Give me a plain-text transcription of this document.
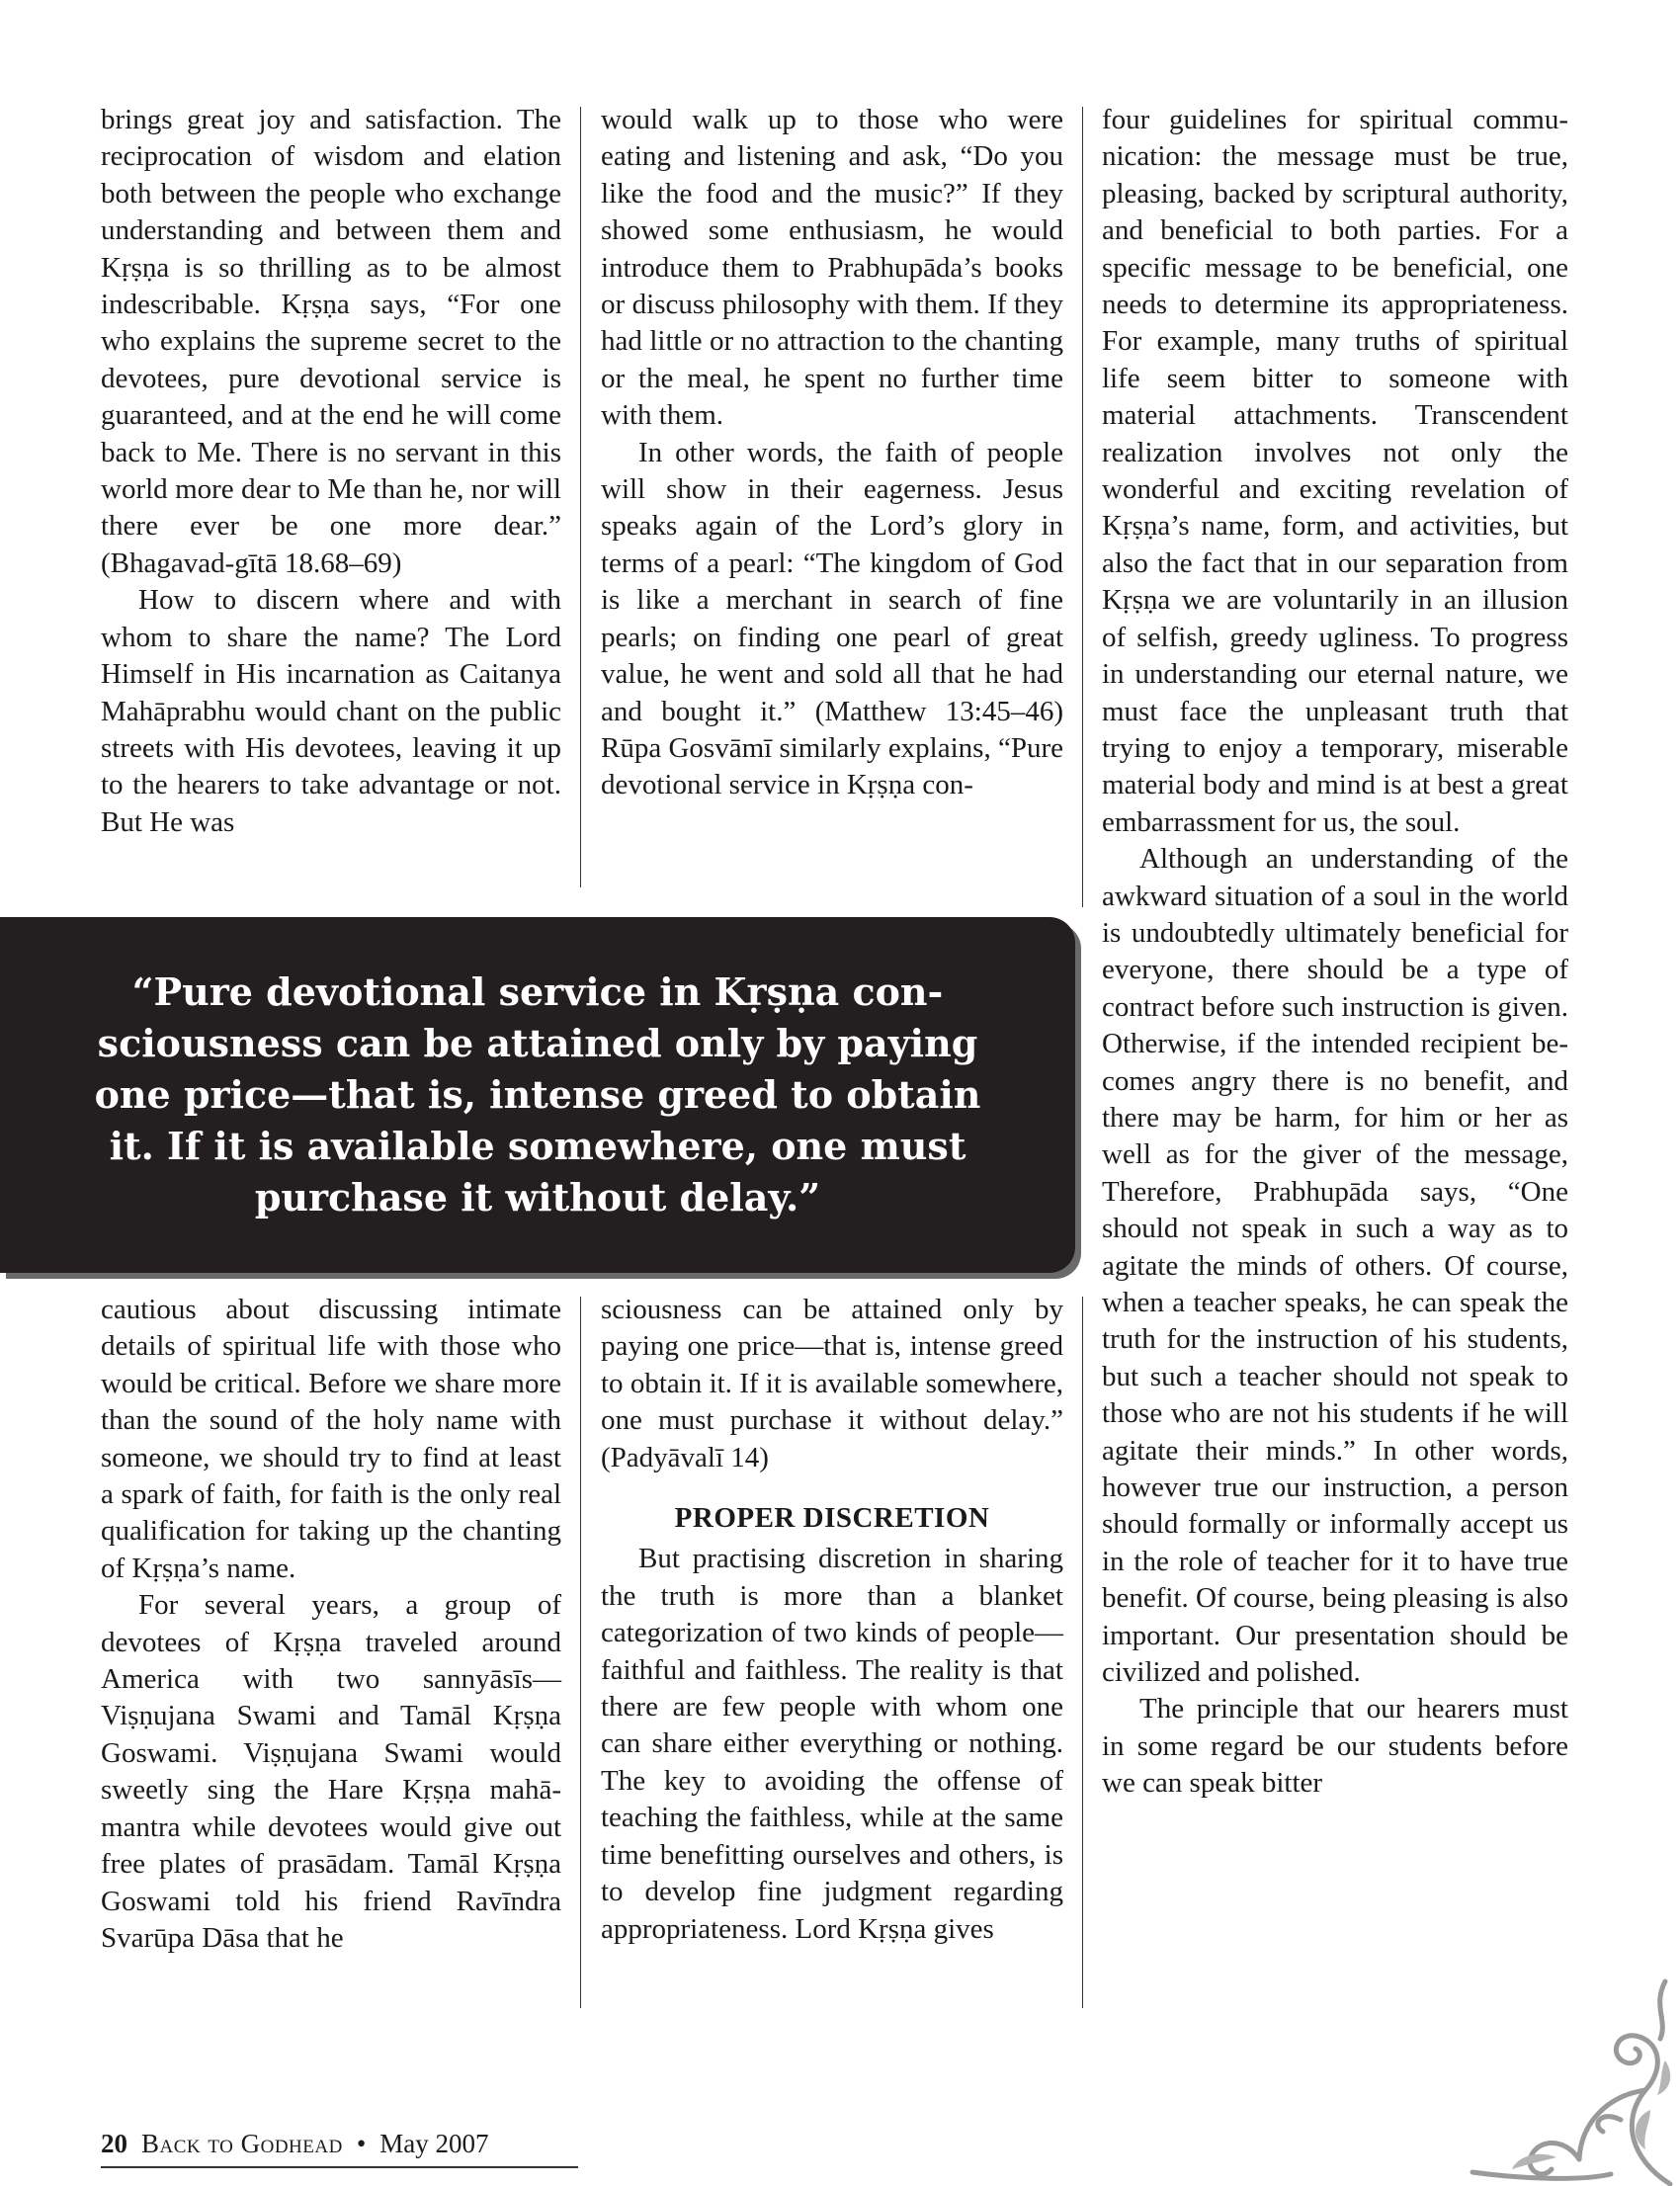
brings great joy and satisfaction. The reciprocation of wisdom and elation both between the people who exchange understanding and between them and Kṛṣṇa is so thrilling as to be almost indescribable. Kṛṣṇa says, “For one who explains the supreme secret to the devotees, pure devotional service is guaranteed, and at the end he will come back to Me. There is no servant in this world more dear to Me than he, nor will there ever be one more dear.” (Bhagavad-gītā 18.68–69)

How to discern where and with whom to share the name? The Lord Himself in His incarnation as Caitanya Mahāprabhu would chant on the public streets with His devotees, leaving it up to the hearers to take advantage or not. But He was

would walk up to those who were eating and listening and ask, “Do you like the food and the music?” If they showed some enthusiasm, he would introduce them to Prabhupāda’s books or discuss philosophy with them. If they had little or no attraction to the chanting or the meal, he spent no further time with them.

In other words, the faith of people will show in their eagerness. Jesus speaks again of the Lord’s glory in terms of a pearl: “The kingdom of God is like a merchant in search of fine pearls; on finding one pearl of great value, he went and sold all that he had and bought it.” (Matthew 13:45–46) Rūpa Gosvāmī similarly explains, “Pure devotional service in Kṛṣṇa con-

four guidelines for spiritual communication: the message must be true, pleasing, backed by scriptural authority, and beneficial to both parties. For a specific message to be beneficial, one needs to determine its appropriateness. For example, many truths of spiritual life seem bitter to someone with material attachments. Transcendent realization involves not only the wonderful and exciting revelation of Kṛṣṇa’s name, form, and activities, but also the fact that in our separation from Kṛṣṇa we are voluntarily in an illusion of selfish, greedy ugliness. To progress in understanding our eternal nature, we must face the unpleasant truth that trying to enjoy a temporary, miserable material body and mind is at best a great embarrassment for us, the soul.

Although an understanding of the awkward situation of a soul in the world is undoubtedly ultimately beneficial for everyone, there should be a type of contract before such instruction is given. Otherwise, if the intended recipient becomes angry there is no benefit, and there may be harm, for him or her as well as for the giver of the message, Therefore, Prabhupāda says, “One should not speak in such a way as to agitate the minds of others. Of course, when a teacher speaks, he can speak the truth for the instruction of his students, but such a teacher should not speak to those who are not his students if he will agitate their minds.” In other words, however true our instruction, a person should formally or informally accept us in the role of teacher for it to have true benefit. Of course, being pleasing is also important. Our presentation should be civilized and polished.

The principle that our hearers must in some regard be our students before we can speak bitter

“Pure devotional service in Kṛṣṇa con-sciousness can be attained only by paying one price—that is, intense greed to obtain it. If it is available somewhere, one must purchase it without delay.”

cautious about discussing intimate details of spiritual life with those who would be critical. Before we share more than the sound of the holy name with someone, we should try to find at least a spark of faith, for faith is the only real qualification for taking up the chanting of Kṛṣṇa’s name.

For several years, a group of devotees of Kṛṣṇa traveled around America with two sannyāsīs—Viṣṇujana Swami and Tamāl Kṛṣṇa Goswami. Viṣṇujana Swami would sweetly sing the Hare Kṛṣṇa mahā-mantra while devotees would give out free plates of prasādam. Tamāl Kṛṣṇa Goswami told his friend Ravīndra Svarūpa Dāsa that he

sciousness can be attained only by paying one price—that is, intense greed to obtain it. If it is available somewhere, one must purchase it without delay.” (Padyāvalī 14)

PROPER DISCRETION

But practising discretion in sharing the truth is more than a blanket categorization of two kinds of people—faithful and faithless. The reality is that there are few people with whom one can share either everything or nothing. The key to avoiding the offense of teaching the faithless, while at the same time benefitting ourselves and others, is to develop fine judgment regarding appropriateness. Lord Kṛṣṇa gives

20 Back to Godhead • May 2007
